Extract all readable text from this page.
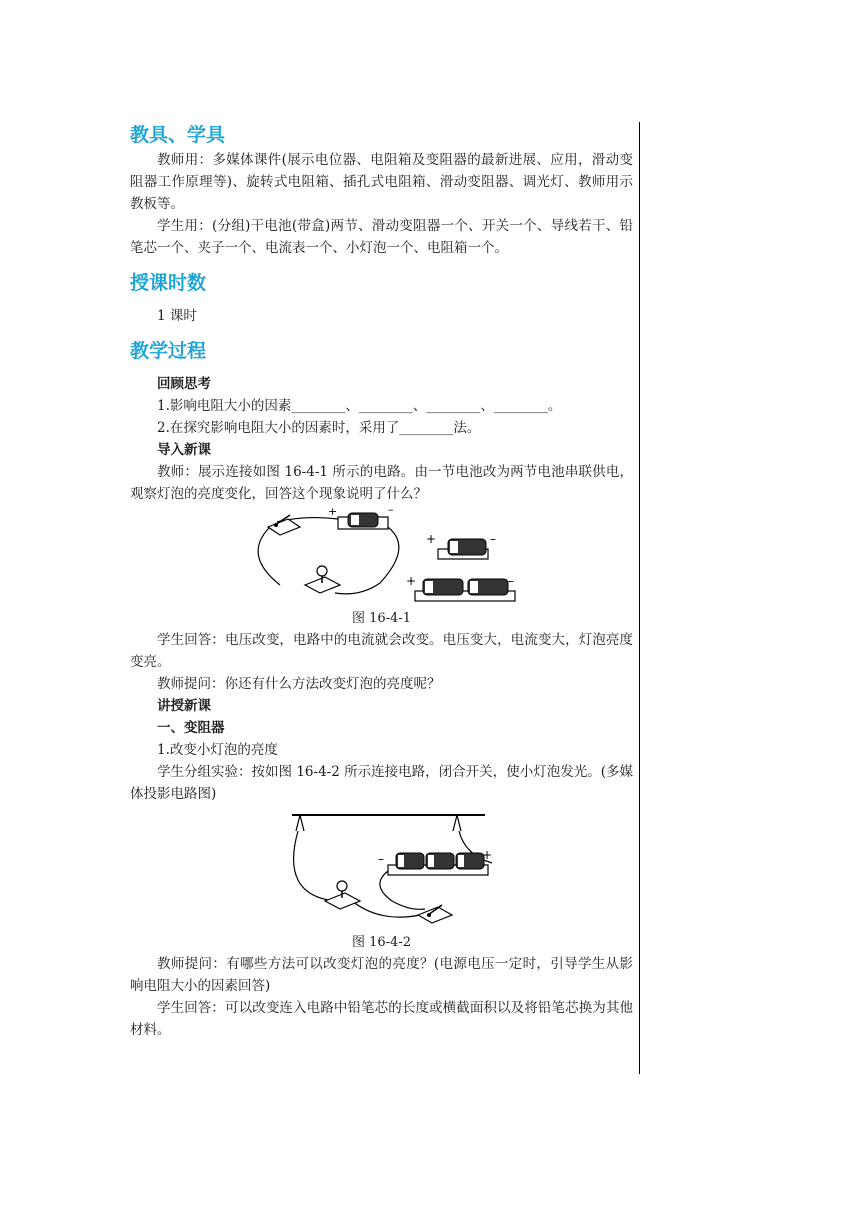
教具、学具

教师用：多媒体课件(展示电位器、电阻箱及变阻器的最新进展、应用，滑动变阻器工作原理等)、旋转式电阻箱、插孔式电阻箱、滑动变阻器、调光灯、教师用示教板等。

学生用：(分组)干电池(带盒)两节、滑动变阻器一个、开关一个、导线若干、铅笔芯一个、夹子一个、电流表一个、小灯泡一个、电阻箱一个。

授课时数

1 课时

教学过程
回顾思考

1.影响电阻大小的因素________、________、________、________。

2.在探究影响电阻大小的因素时，采用了________法。

导入新课

教师：展示连接如图 16-4-1 所示的电路。由一节电池改为两节电池串联供电，观察灯泡的亮度变化，回答这个现象说明了什么？

+	–
+	–
+	–
图 16-4-1

学生回答：电压改变，电路中的电流就会改变。电压变大，电流变大，灯泡亮度变亮。

教师提问：你还有什么方法改变灯泡的亮度呢？

讲授新课
一、变阻器

1.改变小灯泡的亮度

学生分组实验：按如图 16-4-2 所示连接电路，闭合开关，使小灯泡发光。(多媒体投影电路图)

–	+
图 16-4-2

教师提问：有哪些方法可以改变灯泡的亮度？(电源电压一定时，引导学生从影响电阻大小的因素回答)

学生回答：可以改变连入电路中铅笔芯的长度或横截面积以及将铅笔芯换为其他材料。
